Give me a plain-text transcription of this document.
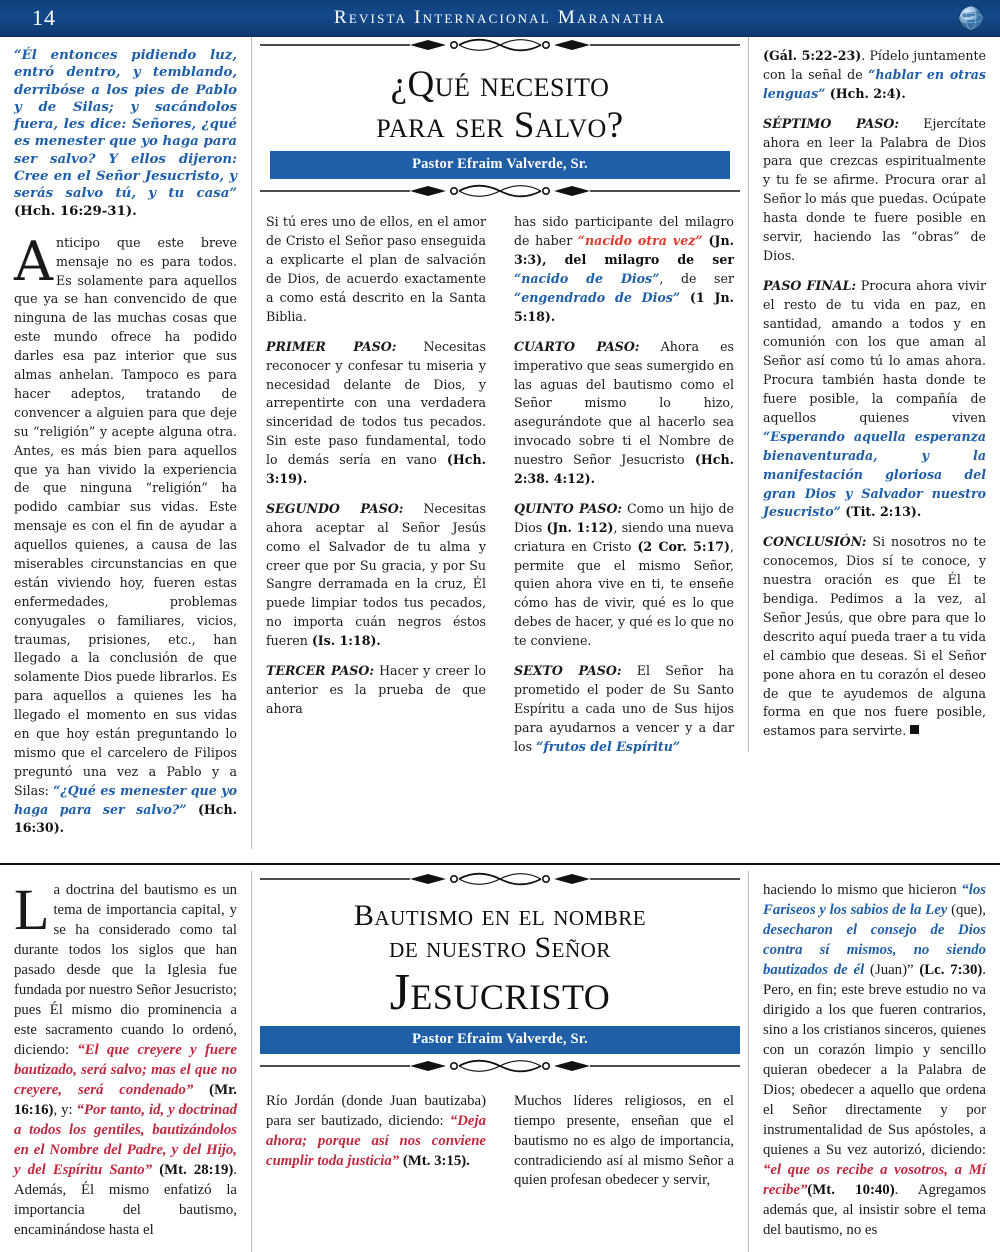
14	Revista Internacional Maranatha

“Él entonces pidiendo luz, entró dentro, y temblando, derribóse a los pies de Pablo y de Silas; y sacándolos fuera, les dice: Señores, ¿qué es menester que yo haga para ser salvo? Y ellos dijeron: Cree en el Señor Jesucristo, y serás salvo tú, y tu casa” (Hch. 16:29-31).

Anticipo que este breve mensaje no es para todos. Es solamente para aquellos que ya se han convencido de que ninguna de las muchas cosas que este mundo ofrece ha podido darles esa paz interior que sus almas anhelan. Tampoco es para hacer adeptos, tratando de convencer a alguien para que deje su “religión” y acepte alguna otra. Antes, es más bien para aquellos que ya han vivido la experiencia de que ninguna “religión” ha podido cambiar sus vidas. Este mensaje es con el fin de ayudar a aquellos quienes, a causa de las miserables circunstancias en que están viviendo hoy, fueren estas enfermedades, problemas conyugales o familiares, vicios, traumas, prisiones, etc., han llegado a la conclusión de que solamente Dios puede librarlos. Es para aquellos a quienes les ha llegado el momento en sus vidas en que hoy están preguntando lo mismo que el carcelero de Filipos preguntó una vez a Pablo y a Silas: “¿Qué es menester que yo haga para ser salvo?” (Hch. 16:30).

¿Qué necesito
para ser Salvo?
Pastor Efraim Valverde, Sr.

Si tú eres uno de ellos, en el amor de Cristo el Señor paso enseguida a explicarte el plan de salvación de Dios, de acuerdo exactamente a como está descrito en la Santa Biblia.

PRIMER PASO: Necesitas reconocer y confesar tu miseria y necesidad delante de Dios, y arrepentirte con una verdadera sinceridad de todos tus pecados. Sin este paso fundamental, todo lo demás sería en vano (Hch. 3:19).

SEGUNDO PASO: Necesitas ahora aceptar al Señor Jesús como el Salvador de tu alma y creer que por Su gracia, y por Su Sangre derramada en la cruz, Él puede limpiar todos tus pecados, no importa cuán negros éstos fueren (Is. 1:18).

TERCER PASO: Hacer y creer lo anterior es la prueba de que ahora

has sido participante del milagro de haber “nacido otra vez” (Jn. 3:3), del milagro de ser “nacido de Dios”, de ser “engendrado de Dios” (1 Jn. 5:18).

CUARTO PASO: Ahora es imperativo que seas sumergido en las aguas del bautismo como el Señor mismo lo hizo, asegurándote que al hacerlo sea invocado sobre ti el Nombre de nuestro Señor Jesucristo (Hch. 2:38. 4:12).

QUINTO PASO: Como un hijo de Dios (Jn. 1:12), siendo una nueva criatura en Cristo (2 Cor. 5:17), permite que el mismo Señor, quien ahora vive en ti, te enseñe cómo has de vivir, qué es lo que debes de hacer, y qué es lo que no te conviene.

SEXTO PASO: El Señor ha prometido el poder de Su Santo Espíritu a cada uno de Sus hijos para ayudarnos a vencer y a dar los “frutos del Espíritu”

(Gál. 5:22-23). Pídelo juntamente con la señal de “hablar en otras lenguas” (Hch. 2:4).

SÉPTIMO PASO: Ejercítate ahora en leer la Palabra de Dios para que crezcas espiritualmente y tu fe se afirme. Procura orar al Señor lo más que puedas. Ocúpate hasta donde te fuere posible en servir, haciendo las “obras” de Dios.

PASO FINAL: Procura ahora vivir el resto de tu vida en paz, en santidad, amando a todos y en comunión con los que aman al Señor así como tú lo amas ahora. Procura también hasta donde te fuere posible, la compañía de aquellos quienes viven “Esperando aquella esperanza bienaventurada, y la manifestación gloriosa del gran Dios y Salvador nuestro Jesucristo” (Tit. 2:13).

CONCLUSIÓN: Si nosotros no te conocemos, Dios sí te conoce, y nuestra oración es que Él te bendiga. Pedimos a la vez, al Señor Jesús, que obre para que lo descrito aquí pueda traer a tu vida el cambio que deseas. Si el Señor pone ahora en tu corazón el deseo de que te ayudemos de alguna forma en que nos fuere posible, estamos para servirte.

La doctrina del bautismo es un tema de importancia capital, y se ha considerado como tal durante todos los siglos que han pasado desde que la Iglesia fue fundada por nuestro Señor Jesucristo; pues Él mismo dio prominencia a este sacramento cuando lo ordenó, diciendo: “El que creyere y fuere bautizado, será salvo; mas el que no creyere, será condenado” (Mr. 16:16), y: “Por tanto, id, y doctrinad a todos los gentiles, bautizándolos en el Nombre del Padre, y del Hijo, y del Espíritu Santo” (Mt. 28:19). Además, Él mismo enfatizó la importancia del bautismo, encaminándose hasta el

Bautismo en el nombre
de nuestro Señor
Jesucristo
Pastor Efraim Valverde, Sr.

Río Jordán (donde Juan bautizaba) para ser bautizado, diciendo: “Deja ahora; porque así nos conviene cumplir toda justicia” (Mt. 3:15).

Muchos líderes religiosos, en el tiempo presente, enseñan que el bautismo no es algo de importancia, contradiciendo así al mismo Señor a quien profesan obedecer y servir,

haciendo lo mismo que hicieron “los Fariseos y los sabios de la Ley (que), desecharon el consejo de Dios contra sí mismos, no siendo bautizados de él (Juan)” (Lc. 7:30). Pero, en fin; este breve estudio no va dirigido a los que fueren contrarios, sino a los cristianos sinceros, quienes con un corazón limpio y sencillo quieran obedecer a la Palabra de Dios; obedecer a aquello que ordena el Señor directamente y por instrumentalidad de Sus apóstoles, a quienes a Su vez autorizó, diciendo: “el que os recibe a vosotros, a Mí recibe”(Mt. 10:40). Agregamos además que, al insistir sobre el tema del bautismo, no es
